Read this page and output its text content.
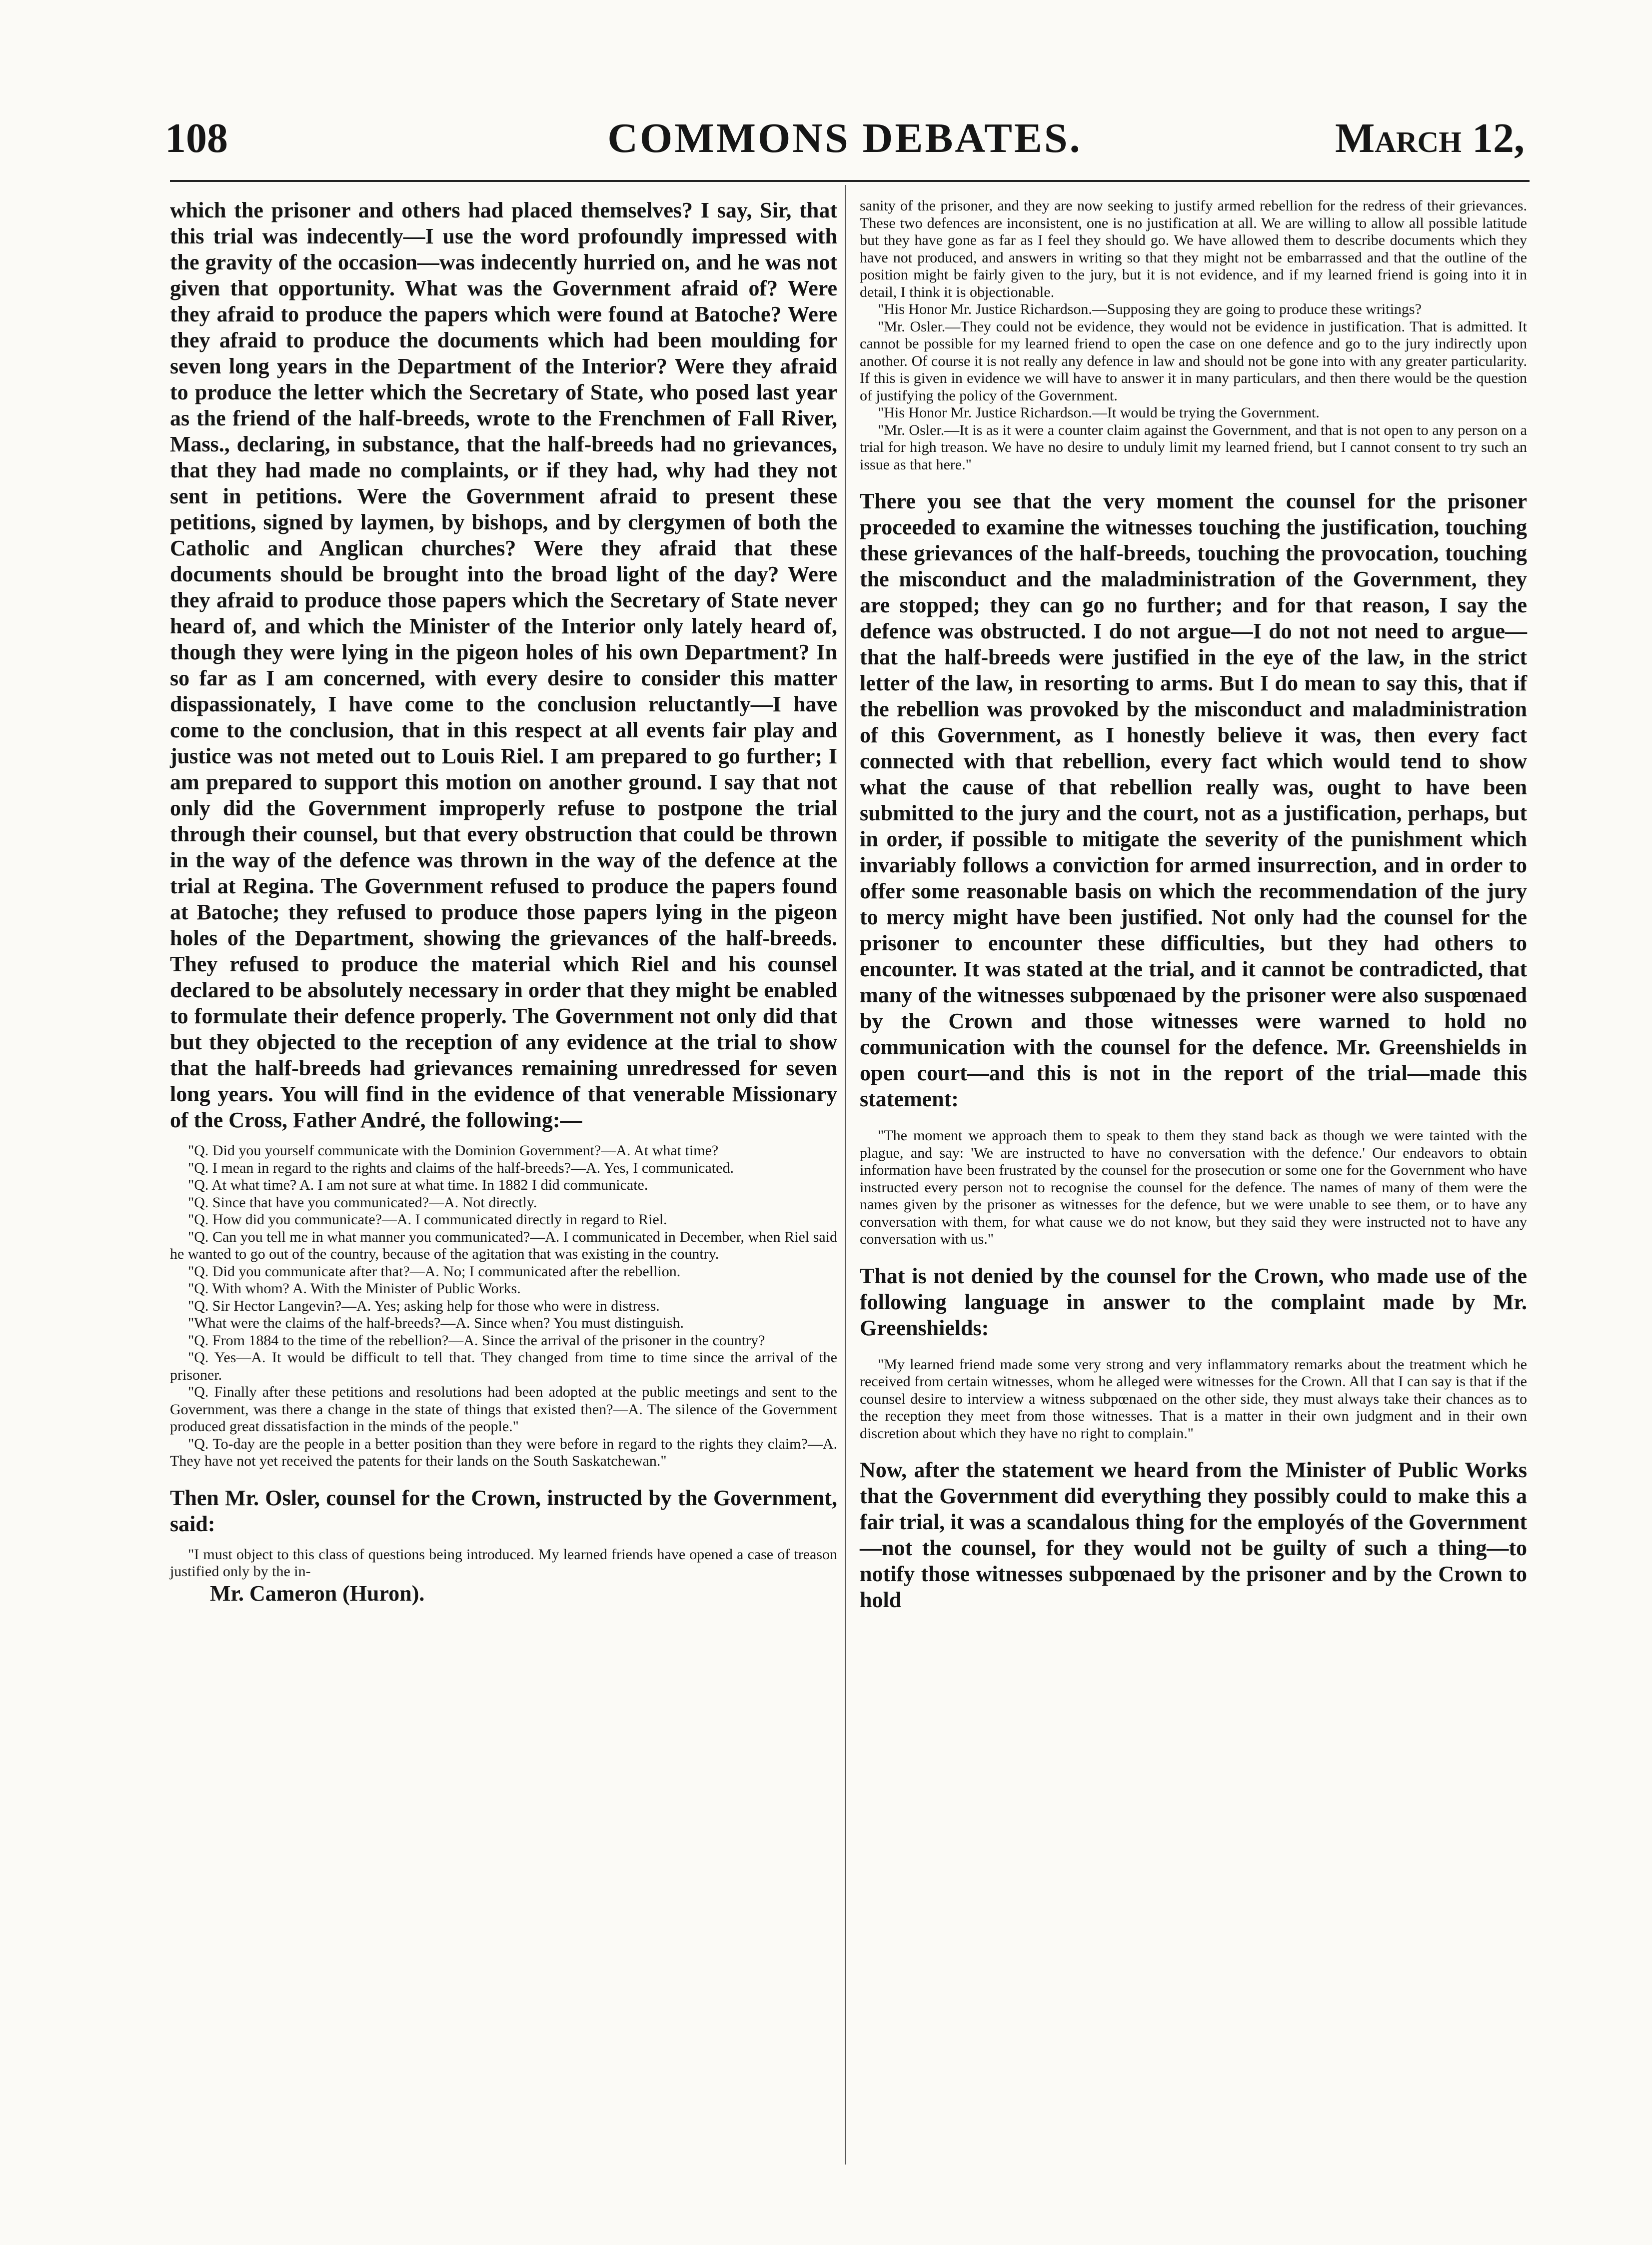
108	COMMONS DEBATES.	March 12,

which the prisoner and others had placed themselves? I say, Sir, that this trial was indecently—I use the word profoundly impressed with the gravity of the occasion—was indecently hurried on, and he was not given that opportunity. What was the Government afraid of? Were they afraid to produce the papers which were found at Batoche? Were they afraid to produce the documents which had been moulding for seven long years in the Department of the Interior? Were they afraid to produce the letter which the Secretary of State, who posed last year as the friend of the half-breeds, wrote to the Frenchmen of Fall River, Mass., declaring, in substance, that the half-breeds had no grievances, that they had made no complaints, or if they had, why had they not sent in petitions. Were the Government afraid to present these petitions, signed by laymen, by bishops, and by clergymen of both the Catholic and Anglican churches? Were they afraid that these documents should be brought into the broad light of the day? Were they afraid to produce those papers which the Secretary of State never heard of, and which the Minister of the Interior only lately heard of, though they were lying in the pigeon holes of his own Department? In so far as I am concerned, with every desire to consider this matter dispassionately, I have come to the conclusion reluctantly—I have come to the conclusion, that in this respect at all events fair play and justice was not meted out to Louis Riel. I am prepared to go further; I am prepared to support this motion on another ground. I say that not only did the Government improperly refuse to postpone the trial through their counsel, but that every obstruction that could be thrown in the way of the defence was thrown in the way of the defence at the trial at Regina. The Government refused to produce the papers found at Batoche; they refused to produce those papers lying in the pigeon holes of the Department, showing the grievances of the half-breeds. They refused to produce the material which Riel and his counsel declared to be absolutely necessary in order that they might be enabled to formulate their defence properly. The Government not only did that but they objected to the reception of any evidence at the trial to show that the half-breeds had grievances remaining unredressed for seven long years. You will find in the evidence of that venerable Missionary of the Cross, Father André, the following:—

"Q. Did you yourself communicate with the Dominion Government?—A. At what time?

"Q. I mean in regard to the rights and claims of the half-breeds?—A. Yes, I communicated.

"Q. At what time? A. I am not sure at what time. In 1882 I did communicate.

"Q. Since that have you communicated?—A. Not directly.

"Q. How did you communicate?—A. I communicated directly in regard to Riel.

"Q. Can you tell me in what manner you communicated?—A. I communicated in December, when Riel said he wanted to go out of the country, because of the agitation that was existing in the country.

"Q. Did you communicate after that?—A. No; I communicated after the rebellion.

"Q. With whom? A. With the Minister of Public Works.

"Q. Sir Hector Langevin?—A. Yes; asking help for those who were in distress.

"What were the claims of the half-breeds?—A. Since when? You must distinguish.

"Q. From 1884 to the time of the rebellion?—A. Since the arrival of the prisoner in the country?

"Q. Yes—A. It would be difficult to tell that. They changed from time to time since the arrival of the prisoner.

"Q. Finally after these petitions and resolutions had been adopted at the public meetings and sent to the Government, was there a change in the state of things that existed then?—A. The silence of the Government produced great dissatisfaction in the minds of the people."

"Q. To-day are the people in a better position than they were before in regard to the rights they claim?—A. They have not yet received the patents for their lands on the South Saskatchewan."

Then Mr. Osler, counsel for the Crown, instructed by the Government, said:

"I must object to this class of questions being introduced. My learned friends have opened a case of treason justified only by the in-

Mr. Cameron (Huron).

sanity of the prisoner, and they are now seeking to justify armed rebellion for the redress of their grievances. These two defences are inconsistent, one is no justification at all. We are willing to allow all possible latitude but they have gone as far as I feel they should go. We have allowed them to describe documents which they have not produced, and answers in writing so that they might not be embarrassed and that the outline of the position might be fairly given to the jury, but it is not evidence, and if my learned friend is going into it in detail, I think it is objectionable.

"His Honor Mr. Justice Richardson.—Supposing they are going to produce these writings?

"Mr. Osler.—They could not be evidence, they would not be evidence in justification. That is admitted. It cannot be possible for my learned friend to open the case on one defence and go to the jury indirectly upon another. Of course it is not really any defence in law and should not be gone into with any greater particularity. If this is given in evidence we will have to answer it in many particulars, and then there would be the question of justifying the policy of the Government.

"His Honor Mr. Justice Richardson.—It would be trying the Government.

"Mr. Osler.—It is as it were a counter claim against the Government, and that is not open to any person on a trial for high treason. We have no desire to unduly limit my learned friend, but I cannot consent to try such an issue as that here."

There you see that the very moment the counsel for the prisoner proceeded to examine the witnesses touching the justification, touching these grievances of the half-breeds, touching the provocation, touching the misconduct and the maladministration of the Government, they are stopped; they can go no further; and for that reason, I say the defence was obstructed. I do not argue—I do not not need to argue—that the half-breeds were justified in the eye of the law, in the strict letter of the law, in resorting to arms. But I do mean to say this, that if the rebellion was provoked by the misconduct and maladministration of this Government, as I honestly believe it was, then every fact connected with that rebellion, every fact which would tend to show what the cause of that rebellion really was, ought to have been submitted to the jury and the court, not as a justification, perhaps, but in order, if possible to mitigate the severity of the punishment which invariably follows a conviction for armed insurrection, and in order to offer some reasonable basis on which the recommendation of the jury to mercy might have been justified. Not only had the counsel for the prisoner to encounter these difficulties, but they had others to encounter. It was stated at the trial, and it cannot be contradicted, that many of the witnesses subpœnaed by the prisoner were also suspœnaed by the Crown and those witnesses were warned to hold no communication with the counsel for the defence. Mr. Greenshields in open court—and this is not in the report of the trial—made this statement:

"The moment we approach them to speak to them they stand back as though we were tainted with the plague, and say: 'We are instructed to have no conversation with the defence.' Our endeavors to obtain information have been frustrated by the counsel for the prosecution or some one for the Government who have instructed every person not to recognise the counsel for the defence. The names of many of them were the names given by the prisoner as witnesses for the defence, but we were unable to see them, or to have any conversation with them, for what cause we do not know, but they said they were instructed not to have any conversation with us."

That is not denied by the counsel for the Crown, who made use of the following language in answer to the complaint made by Mr. Greenshields:

"My learned friend made some very strong and very inflammatory remarks about the treatment which he received from certain witnesses, whom he alleged were witnesses for the Crown. All that I can say is that if the counsel desire to interview a witness subpœnaed on the other side, they must always take their chances as to the reception they meet from those witnesses. That is a matter in their own judgment and in their own discretion about which they have no right to complain."

Now, after the statement we heard from the Minister of Public Works that the Government did everything they possibly could to make this a fair trial, it was a scandalous thing for the employés of the Government—not the counsel, for they would not be guilty of such a thing—to notify those witnesses subpœnaed by the prisoner and by the Crown to hold
